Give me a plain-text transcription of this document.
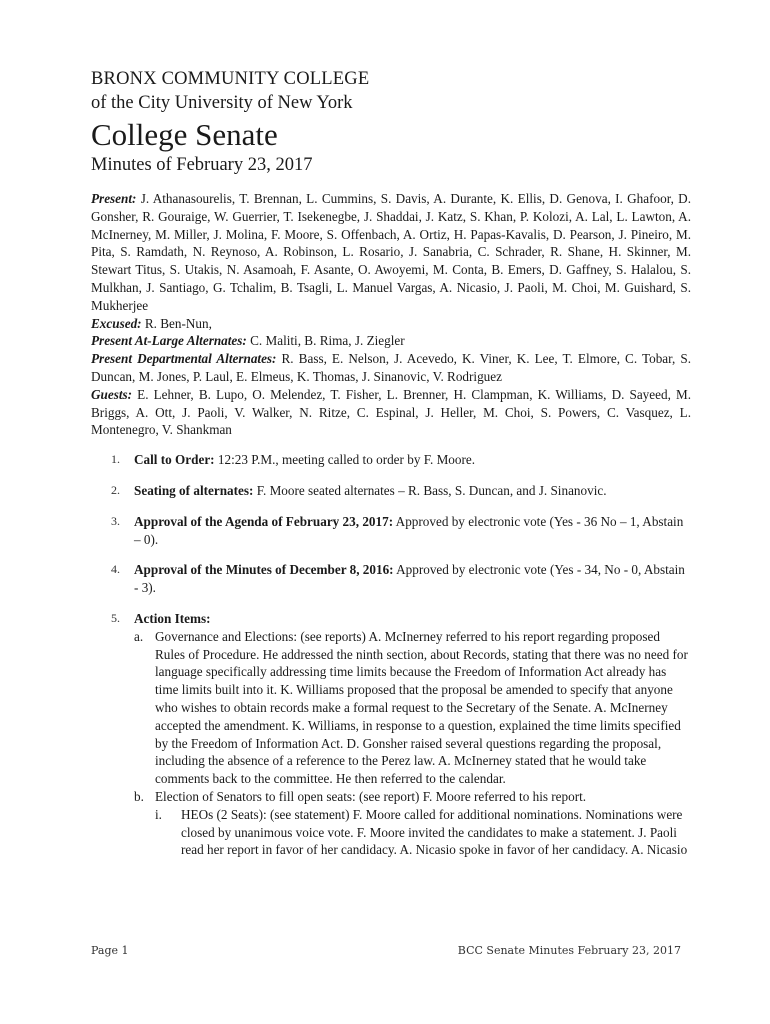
BRONX COMMUNITY COLLEGE
of the City University of New York
College Senate
Minutes of February 23, 2017

Present: J. Athanasourelis, T. Brennan, L. Cummins, S. Davis, A. Durante, K. Ellis, D. Genova, I. Ghafoor, D. Gonsher, R. Gouraige, W. Guerrier, T. Isekenegbe, J. Shaddai, J. Katz, S. Khan, P. Kolozi, A. Lal, L. Lawton, A. McInerney, M. Miller, J. Molina, F. Moore, S. Offenbach, A. Ortiz, H. Papas-Kavalis, D. Pearson, J. Pineiro, M. Pita, S. Ramdath, N. Reynoso, A. Robinson, L. Rosario, J. Sanabria, C. Schrader, R. Shane, H. Skinner, M. Stewart Titus, S. Utakis, N. Asamoah, F. Asante, O. Awoyemi, M. Conta, B. Emers, D. Gaffney, S. Halalou, S. Mulkhan, J. Santiago, G. Tchalim, B. Tsagli, L. Manuel Vargas, A. Nicasio, J. Paoli, M. Choi, M. Guishard, S. Mukherjee

Excused: R. Ben-Nun,

Present At-Large Alternates: C. Maliti, B. Rima, J. Ziegler

Present Departmental Alternates: R. Bass, E. Nelson, J. Acevedo, K. Viner, K. Lee, T. Elmore, C. Tobar, S. Duncan, M. Jones, P. Laul, E. Elmeus, K. Thomas, J. Sinanovic, V. Rodriguez

Guests: E. Lehner, B. Lupo, O. Melendez, T. Fisher, L. Brenner, H. Clampman, K. Williams, D. Sayeed, M. Briggs, A. Ott, J. Paoli, V. Walker, N. Ritze, C. Espinal, J. Heller, M. Choi, S. Powers, C. Vasquez, L. Montenegro, V. Shankman

1. Call to Order: 12:23 P.M., meeting called to order by F. Moore.
2. Seating of alternates: F. Moore seated alternates – R. Bass, S. Duncan, and J. Sinanovic.
3. Approval of the Agenda of February 23, 2017: Approved by electronic vote (Yes - 36 No – 1, Abstain – 0).
4. Approval of the Minutes of December 8, 2016: Approved by electronic vote (Yes - 34, No - 0, Abstain - 3).
5. Action Items:
a. Governance and Elections: (see reports) A. McInerney referred to his report regarding proposed Rules of Procedure. He addressed the ninth section, about Records, stating that there was no need for language specifically addressing time limits because the Freedom of Information Act already has time limits built into it. K. Williams proposed that the proposal be amended to specify that anyone who wishes to obtain records make a formal request to the Secretary of the Senate. A. McInerney accepted the amendment. K. Williams, in response to a question, explained the time limits specified by the Freedom of Information Act. D. Gonsher raised several questions regarding the proposal, including the absence of a reference to the Perez law. A. McInerney stated that he would take comments back to the committee. He then referred to the calendar.
b. Election of Senators to fill open seats: (see report) F. Moore referred to his report.
i. HEOs (2 Seats): (see statement) F. Moore called for additional nominations. Nominations were closed by unanimous voice vote. F. Moore invited the candidates to make a statement. J. Paoli read her report in favor of her candidacy. A. Nicasio spoke in favor of her candidacy. A. Nicasio
Page 1	BCC Senate Minutes February 23, 2017
